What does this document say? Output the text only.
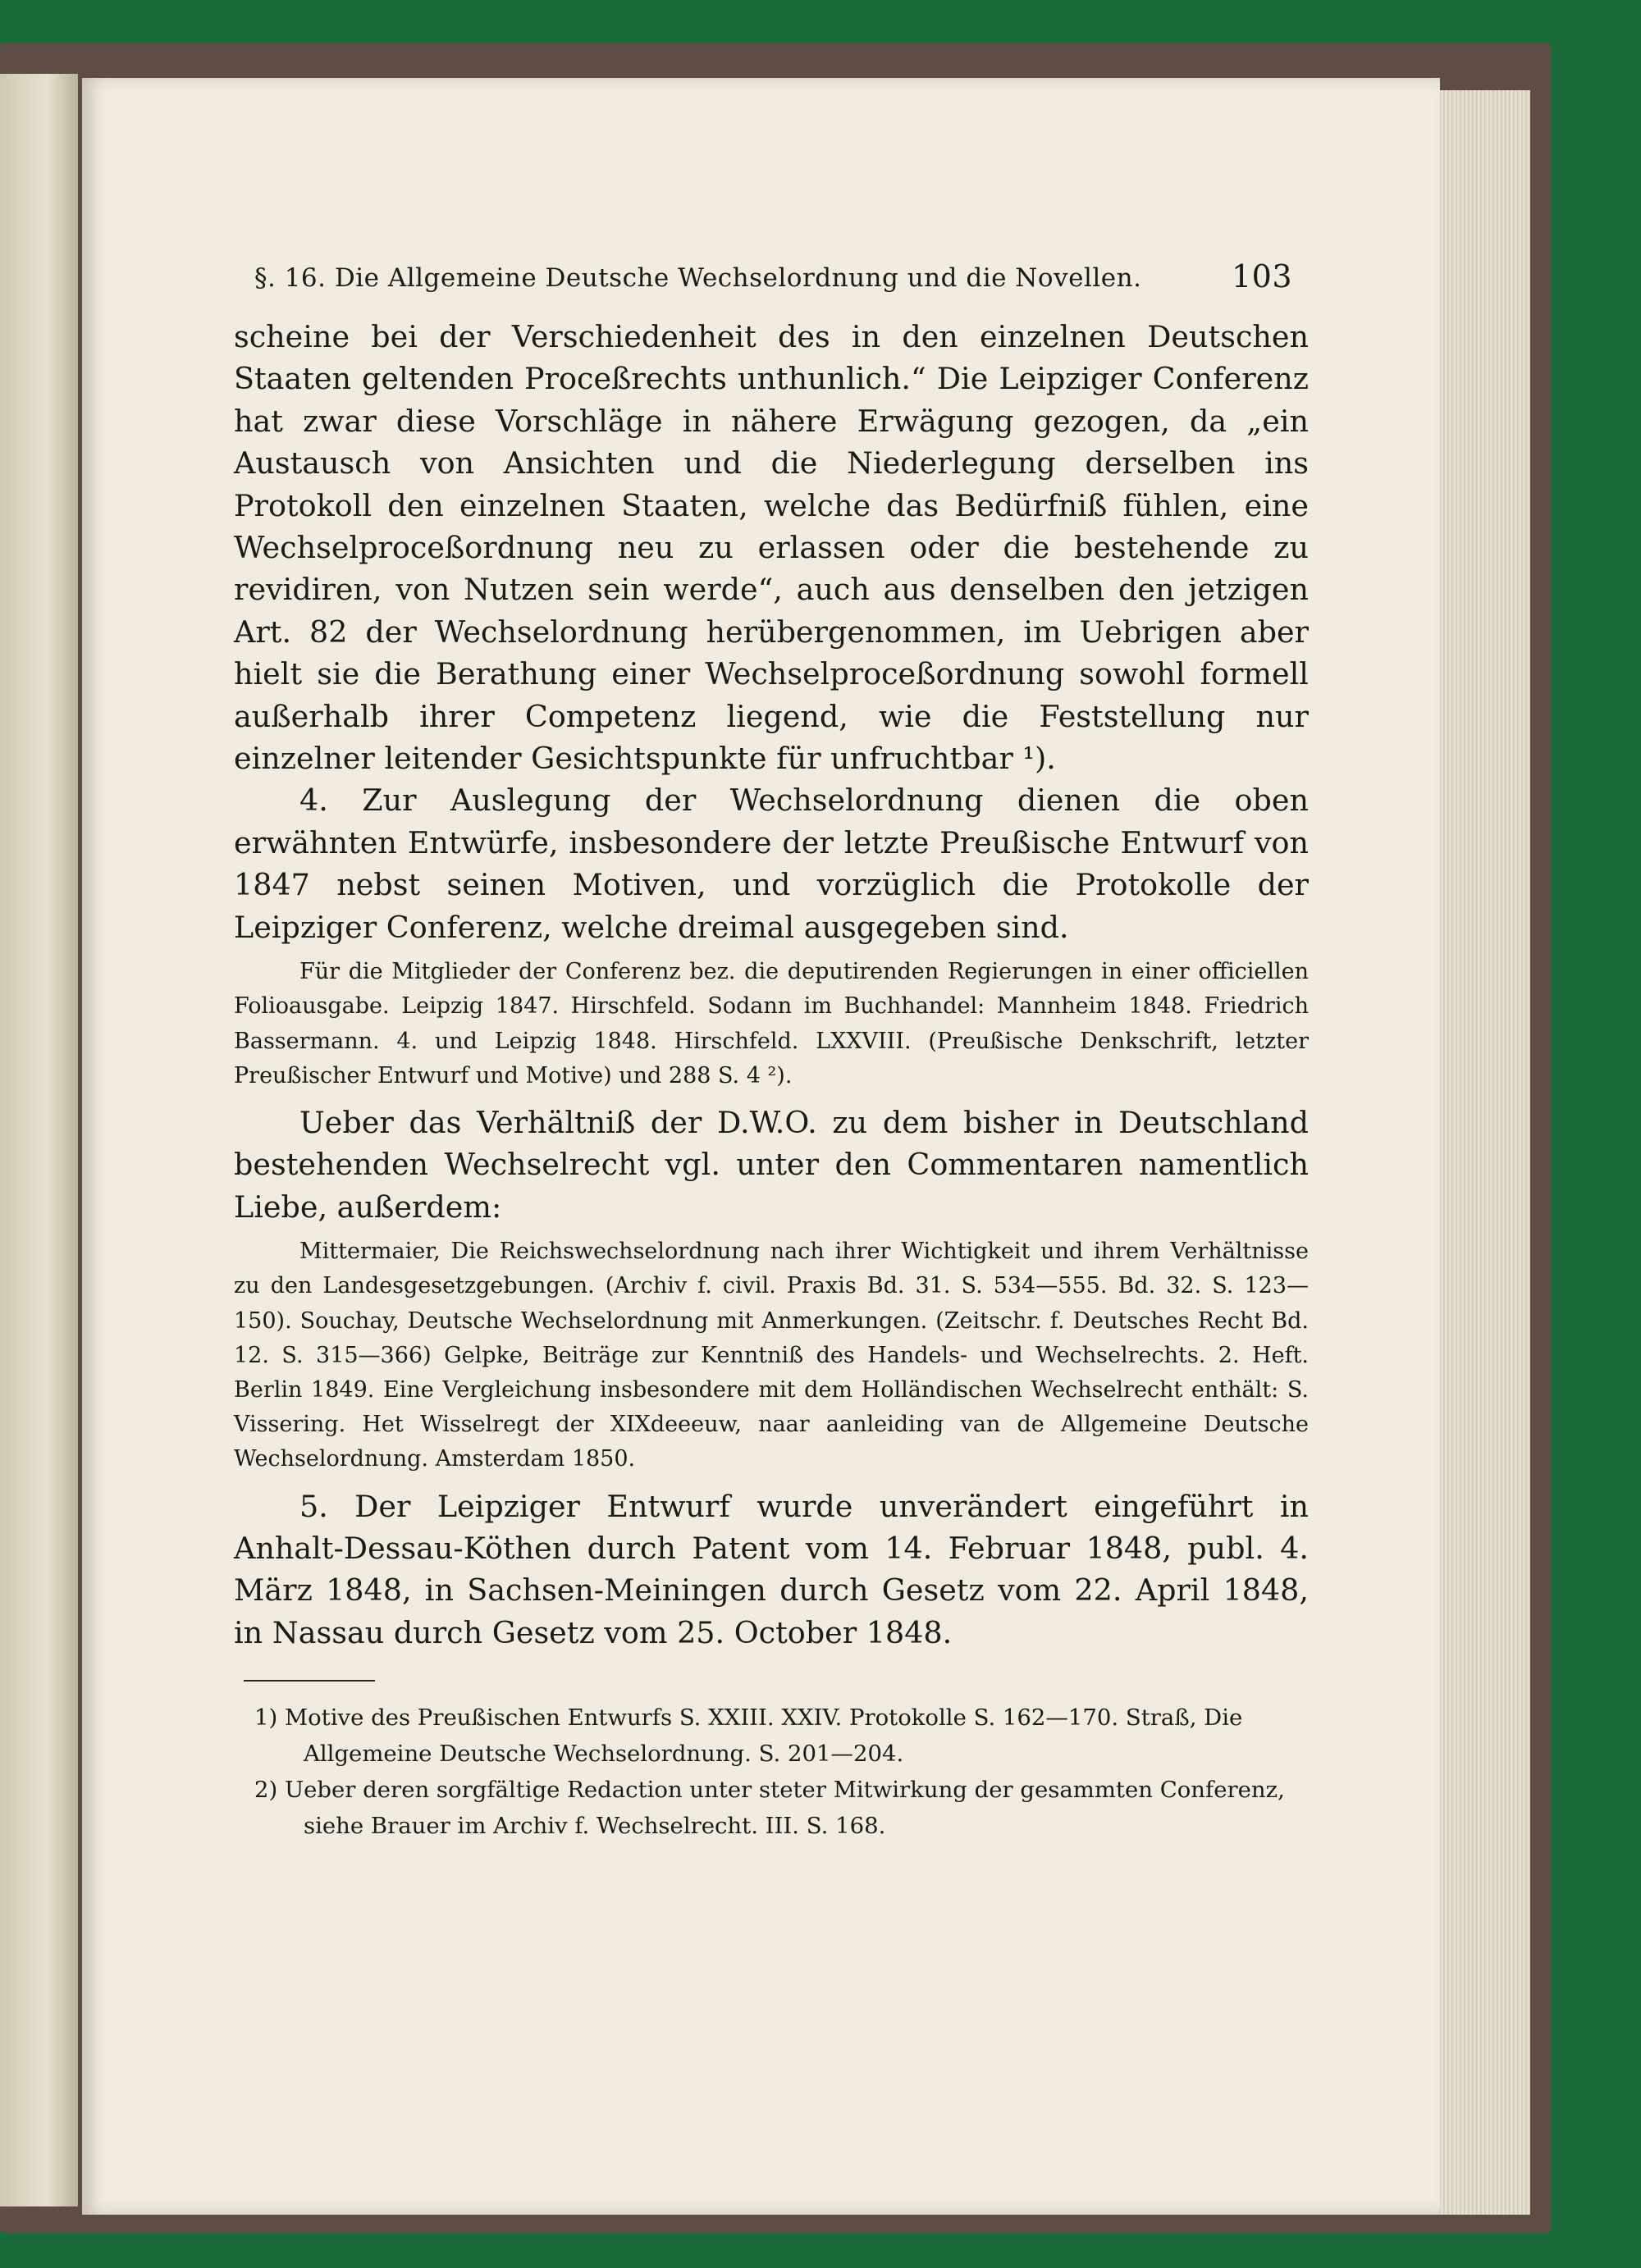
§. 16. Die Allgemeine Deutsche Wechselordnung und die Novellen.	103

scheine bei der Verschiedenheit des in den einzelnen Deutschen Staaten geltenden Proceßrechts unthunlich.“ Die Leipziger Conferenz hat zwar diese Vorschläge in nähere Erwägung gezogen, da „ein Austausch von Ansichten und die Niederlegung derselben ins Protokoll den einzelnen Staaten, welche das Bedürfniß fühlen, eine Wechselproceßordnung neu zu erlassen oder die bestehende zu revidiren, von Nutzen sein werde“, auch aus denselben den jetzigen Art. 82 der Wechselordnung herübergenommen, im Uebrigen aber hielt sie die Berathung einer Wechselproceßordnung sowohl formell außerhalb ihrer Competenz liegend, wie die Feststellung nur einzelner leitender Gesichtspunkte für unfruchtbar ¹).

4. Zur Auslegung der Wechselordnung dienen die oben erwähnten Entwürfe, insbesondere der letzte Preußische Entwurf von 1847 nebst seinen Motiven, und vorzüglich die Protokolle der Leipziger Conferenz, welche dreimal ausgegeben sind.

Für die Mitglieder der Conferenz bez. die deputirenden Regierungen in einer officiellen Folioausgabe. Leipzig 1847. Hirschfeld. Sodann im Buchhandel: Mannheim 1848. Friedrich Bassermann. 4. und Leipzig 1848. Hirschfeld. LXXVIII. (Preußische Denkschrift, letzter Preußischer Entwurf und Motive) und 288 S. 4 ²).

Ueber das Verhältniß der D.W.O. zu dem bisher in Deutschland bestehenden Wechselrecht vgl. unter den Commentaren namentlich Liebe, außerdem:

Mittermaier, Die Reichswechselordnung nach ihrer Wichtigkeit und ihrem Verhältnisse zu den Landesgesetzgebungen. (Archiv f. civil. Praxis Bd. 31. S. 534—555. Bd. 32. S. 123—150). Souchay, Deutsche Wechselordnung mit Anmerkungen. (Zeitschr. f. Deutsches Recht Bd. 12. S. 315—366) Gelpke, Beiträge zur Kenntniß des Handels- und Wechselrechts. 2. Heft. Berlin 1849. Eine Vergleichung insbesondere mit dem Holländischen Wechselrecht enthält: S. Vissering. Het Wisselregt der XIXdeeeuw, naar aanleiding van de Allgemeine Deutsche Wechselordnung. Amsterdam 1850.

5. Der Leipziger Entwurf wurde unverändert eingeführt in Anhalt-Dessau-Köthen durch Patent vom 14. Februar 1848, publ. 4. März 1848, in Sachsen-Meiningen durch Gesetz vom 22. April 1848, in Nassau durch Gesetz vom 25. October 1848.

1) Motive des Preußischen Entwurfs S. XXIII. XXIV. Protokolle S. 162—170. Straß, Die Allgemeine Deutsche Wechselordnung. S. 201—204.

2) Ueber deren sorgfältige Redaction unter steter Mitwirkung der gesammten Conferenz, siehe Brauer im Archiv f. Wechselrecht. III. S. 168.
